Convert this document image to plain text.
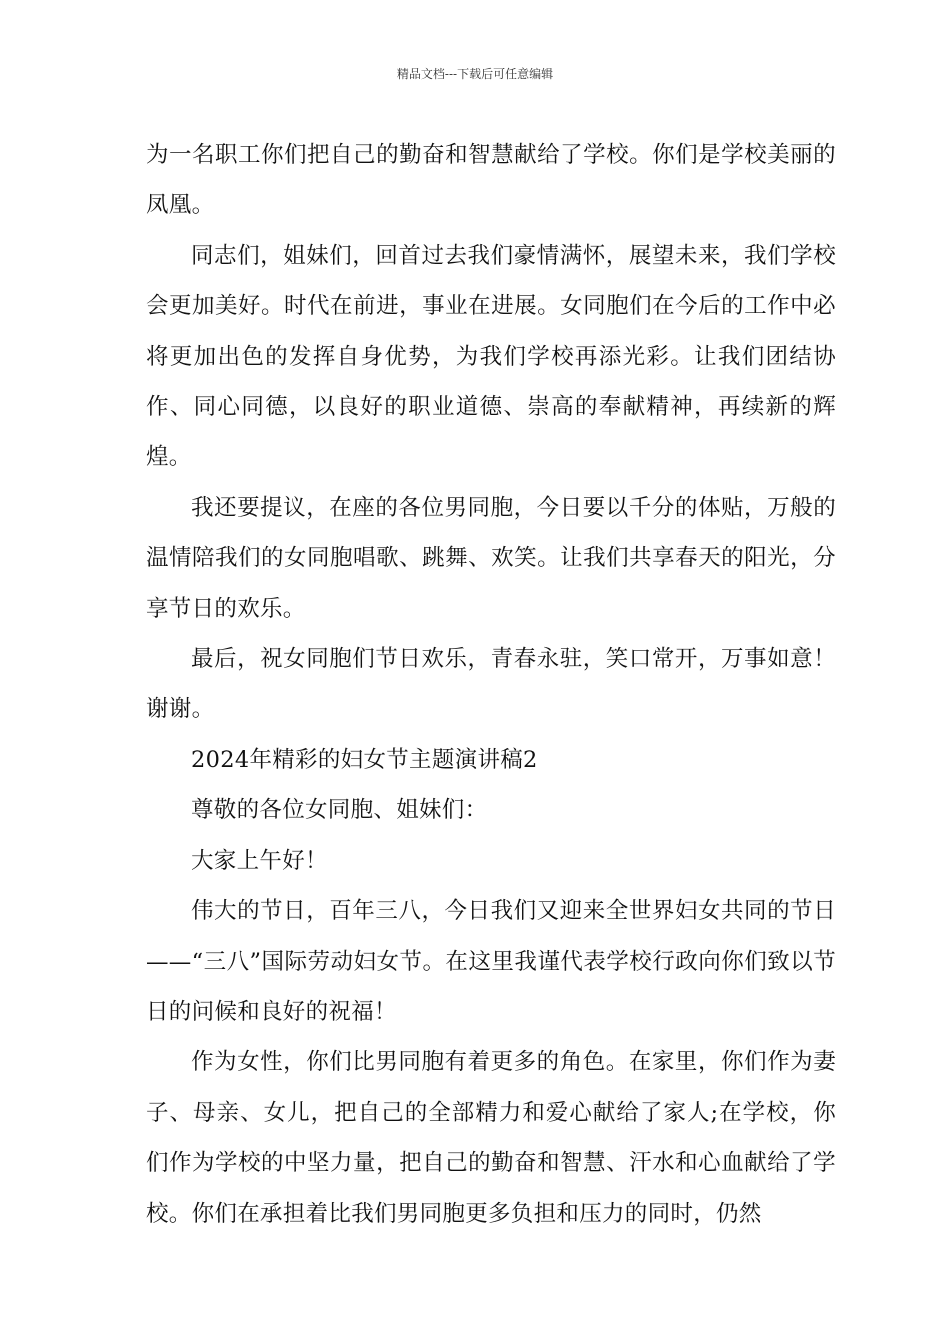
精品文档---下载后可任意编辑

为一名职工你们把自己的勤奋和智慧献给了学校。你们是学校美丽的凤凰。

同志们，姐妹们，回首过去我们豪情满怀，展望未来，我们学校会更加美好。时代在前进，事业在进展。女同胞们在今后的工作中必将更加出色的发挥自身优势，为我们学校再添光彩。让我们团结协作、同心同德，以良好的职业道德、崇高的奉献精神，再续新的辉煌。

我还要提议，在座的各位男同胞，今日要以千分的体贴，万般的温情陪我们的女同胞唱歌、跳舞、欢笑。让我们共享春天的阳光，分享节日的欢乐。

最后，祝女同胞们节日欢乐，青春永驻，笑口常开，万事如意！谢谢。

2024年精彩的妇女节主题演讲稿2

尊敬的各位女同胞、姐妹们：

大家上午好！

伟大的节日，百年三八，今日我们又迎来全世界妇女共同的节日——“三八”国际劳动妇女节。在这里我谨代表学校行政向你们致以节日的问候和良好的祝福！

作为女性，你们比男同胞有着更多的角色。在家里，你们作为妻子、母亲、女儿，把自己的全部精力和爱心献给了家人;在学校，你们作为学校的中坚力量，把自己的勤奋和智慧、汗水和心血献给了学校。你们在承担着比我们男同胞更多负担和压力的同时，仍然
